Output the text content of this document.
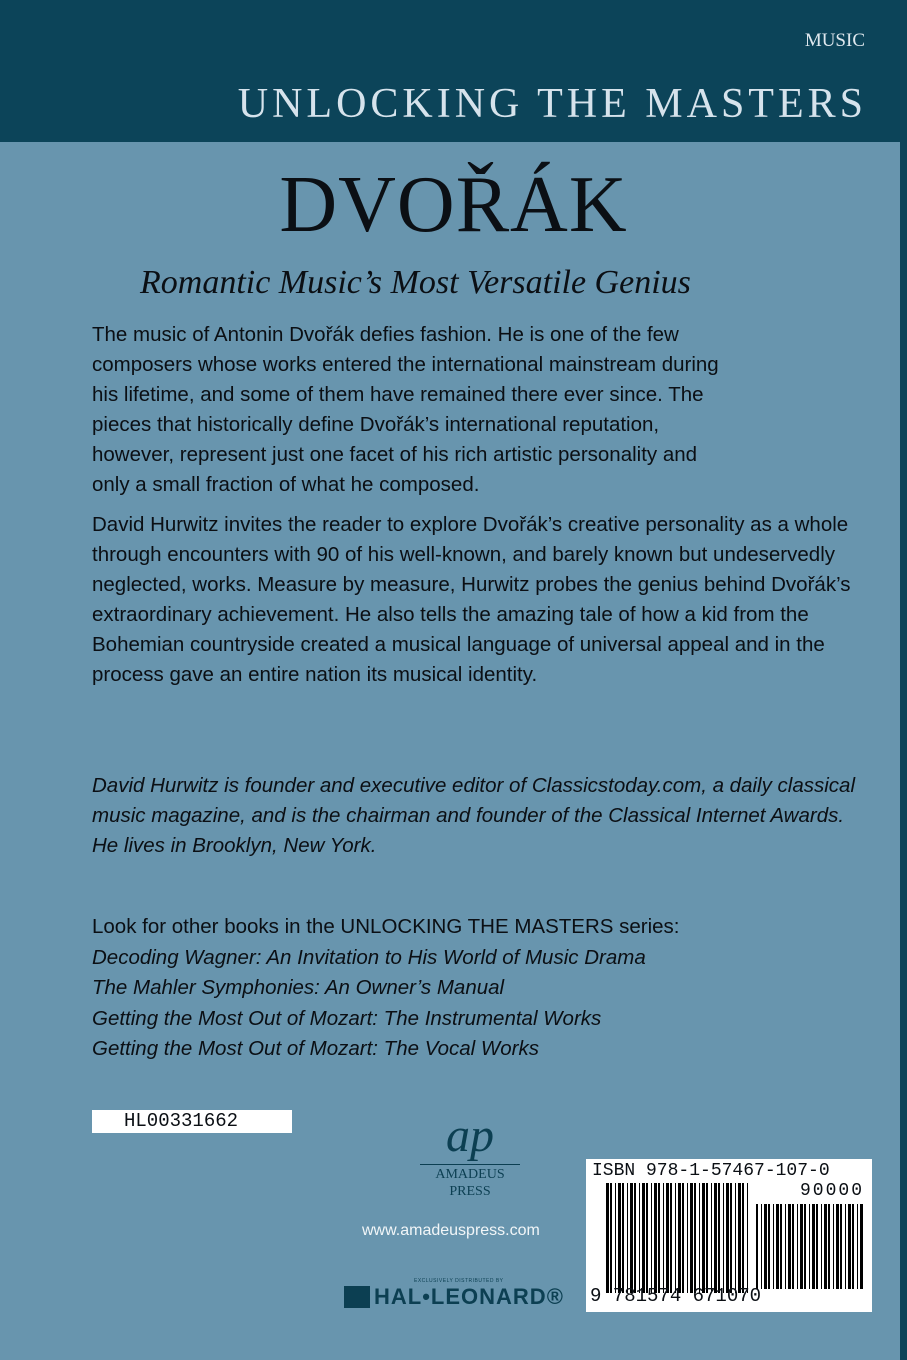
MUSIC
UNLOCKING THE MASTERS
DVOŘÁK
Romantic Music’s Most Versatile Genius
The music of Antonin Dvořák defies fashion. He is one of the few composers whose works entered the international mainstream during his lifetime, and some of them have remained there ever since. The pieces that historically define Dvořák’s international reputation, however, represent just one facet of his rich artistic personality and only a small fraction of what he composed.
David Hurwitz invites the reader to explore Dvořák’s creative personality as a whole through encounters with 90 of his well-known, and barely known but undeservedly neglected, works. Measure by measure, Hurwitz probes the genius behind Dvořák’s extraordinary achievement. He also tells the amazing tale of how a kid from the Bohemian countryside created a musical language of universal appeal and in the process gave an entire nation its musical identity.
David Hurwitz is founder and executive editor of Classicstoday.com, a daily classical music magazine, and is the chairman and founder of the Classical Internet Awards. He lives in Brooklyn, New York.
Look for other books in the UNLOCKING THE MASTERS series:
Decoding Wagner: An Invitation to His World of Music Drama
The Mahler Symphonies: An Owner’s Manual
Getting the Most Out of Mozart: The Instrumental Works
Getting the Most Out of Mozart: The Vocal Works
HL00331662	ap
AMADEUS
PRESS
www.amadeuspress.com
EXCLUSIVELY DISTRIBUTED BY
HAL•LEONARD®
ISBN 978-1-57467-107-0
90000
9 781574 671070
